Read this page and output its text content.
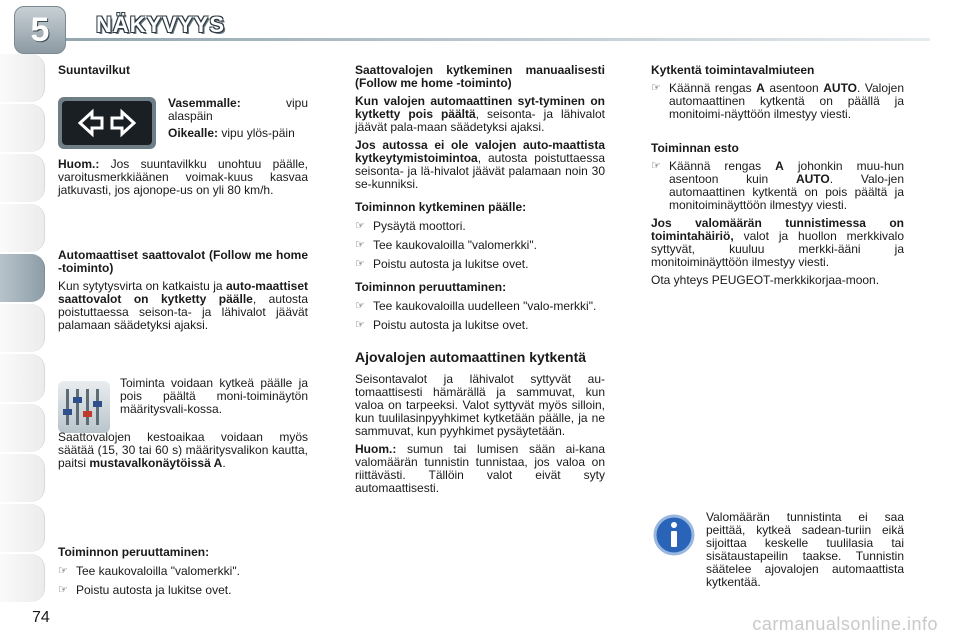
5	NÄKYVYYS

Suuntavilkut

Vasemmalle: vipu alaspäin

Oikealle: vipu ylös-päin

Huom.: Jos suuntavilkku unohtuu päälle, varoitusmerkkiäänen voimak-kuus kasvaa jatkuvasti, jos ajonope-us on yli 80 km/h.

Automaattiset saattovalot (Follow me home -toiminto)

Kun sytytysvirta on katkaistu ja auto-maattiset saattovalot on kytketty päälle, autosta poistuttaessa seison-ta- ja lähivalot jäävät palamaan säädetyksi ajaksi.

Toiminta voidaan kytkeä päälle ja pois päältä moni-toiminäytön määritysvali-kossa.

Saattovalojen kestoaikaa voidaan myös säätää (15, 30 tai 60 s) määritysvalikon kautta, paitsi mustavalkonäytöissä A.

Toiminnon peruuttaminen:

☞ Tee kaukovaloilla "valomerkki".

☞ Poistu autosta ja lukitse ovet.

Saattovalojen kytkeminen manuaalisesti (Follow me home -toiminto)

Kun valojen automaattinen syt-tyminen on kytketty pois päältä, seisonta- ja lähivalot jäävät pala-maan säädetyksi ajaksi.

Jos autossa ei ole valojen auto-maattista kytkeytymistoimintoa, autosta poistuttaessa seisonta- ja lä-hivalot jäävät palamaan noin 30 se-kunniksi.

Toiminnon kytkeminen päälle:

☞ Pysäytä moottori.

☞ Tee kaukovaloilla "valomerkki".

☞ Poistu autosta ja lukitse ovet.

Toiminnon peruuttaminen:

☞ Tee kaukovaloilla uudelleen "valo-merkki".

☞ Poistu autosta ja lukitse ovet.

Ajovalojen automaattinen kytkentä

Seisontavalot ja lähivalot syttyvät au-tomaattisesti hämärällä ja sammuvat, kun valoa on tarpeeksi. Valot syttyvät myös silloin, kun tuulilasinpyyhkimet kytketään päälle, ja ne sammuvat, kun pyyhkimet pysäytetään.

Huom.: sumun tai lumisen sään ai-kana valomäärän tunnistin tunnistaa, jos valoa on riittävästi. Tällöin valot eivät syty automaattisesti.

Kytkentä toimintavalmiuteen

☞ Käännä rengas A asentoon AUTO. Valojen automaattinen kytkentä on päällä ja monitoimi-näyttöön ilmestyy viesti.

Toiminnan esto

☞ Käännä rengas A johonkin muu-hun asentoon kuin AUTO. Valo-jen automaattinen kytkentä on pois päältä ja monitoiminäyttöön ilmestyy viesti.

Jos valomäärän tunnistimessa on toimintahäiriö, valot ja huollon merkkivalo syttyvät, kuuluu merkki-ääni ja monitoiminäyttöön ilmestyy viesti.

Ota yhteys PEUGEOT-merkkikorjaa-moon.

Valomäärän tunnistinta ei saa peittää, kytkeä sadean-turiin eikä sijoittaa keskelle tuulilasia tai sisätaustapeilin taakse. Tunnistin säätelee ajovalojen automaattista kytkentää.

74	carmanualsonline.info
